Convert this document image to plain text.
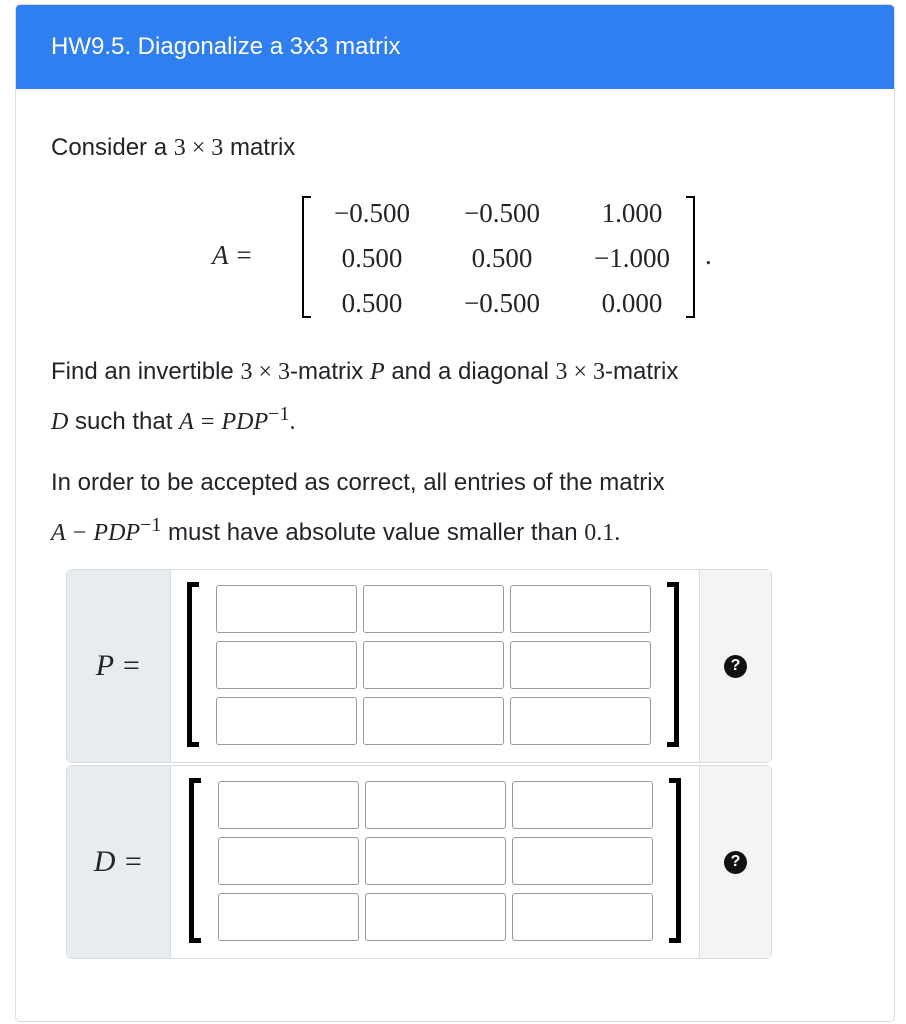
HW9.5. Diagonalize a 3x3 matrix

Consider a 3 × 3 matrix

A =
−0.500	−0.500	1.000
0.500	0.500	−1.000
0.500	−0.500	0.000
.

Find an invertible 3 × 3-matrix P and a diagonal 3 × 3-matrix
D such that $A = PDP^{-1}$.

In order to be accepted as correct, all entries of the matrix
$A - PDP^{-1}$ must have absolute value smaller than 0.1.

P =	?
D =	?
